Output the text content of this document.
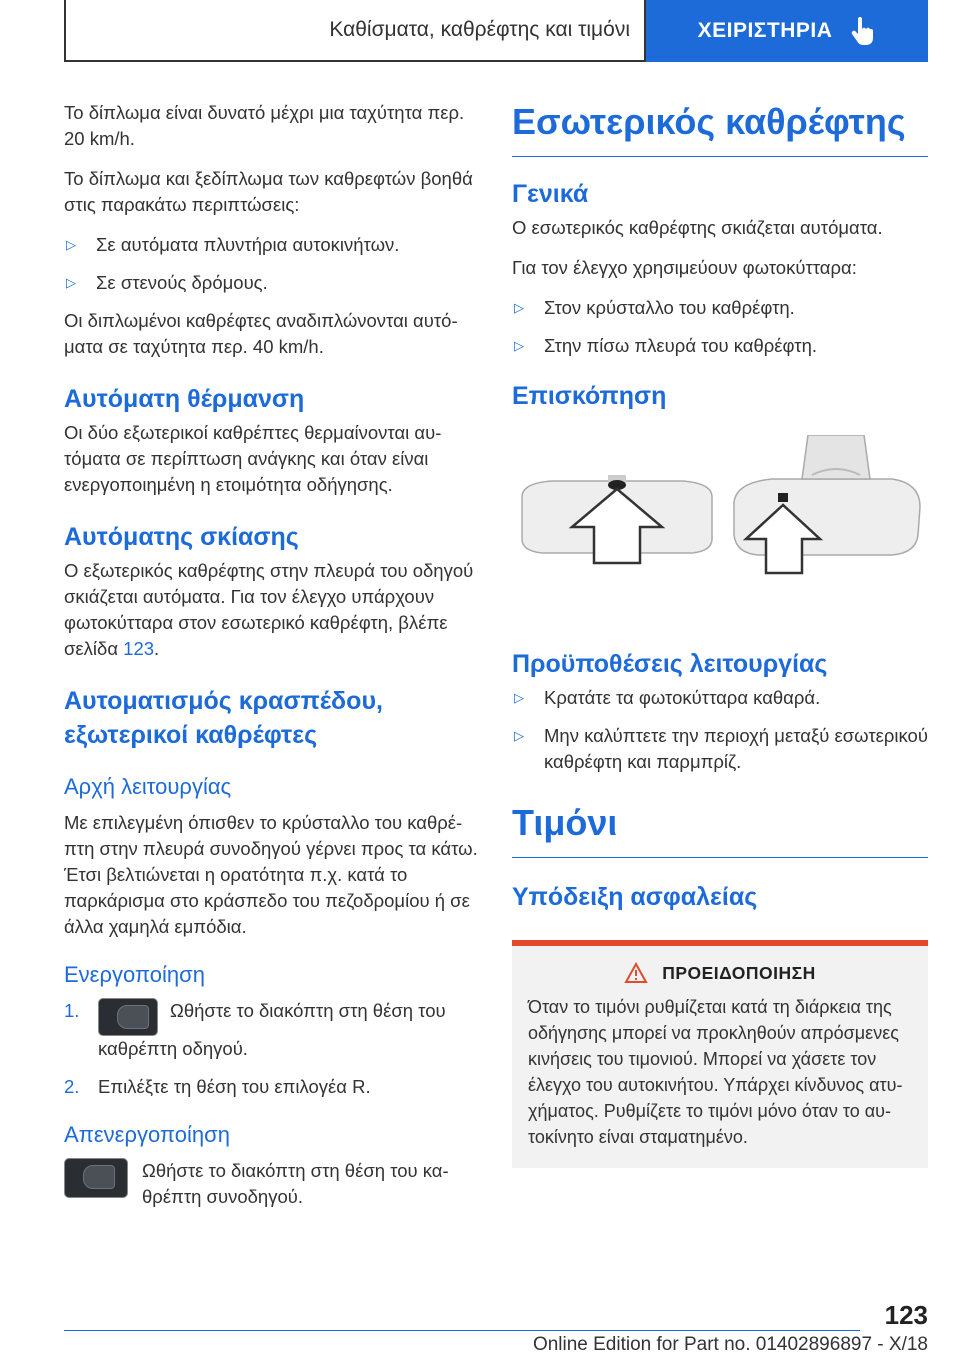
Καθίσματα, καθρέφτης και τιμόνι	ΧΕΙΡΙΣΤΗΡΙΑ

Το δίπλωμα είναι δυνατό μέχρι μια ταχύτητα περ. 20 km/h.

Το δίπλωμα και ξεδίπλωμα των καθρεφτών βοηθά στις παρακάτω περιπτώσεις:

▷	Σε αυτόματα πλυντήρια αυτοκινήτων.
▷	Σε στενούς δρόμους.

Οι διπλωμένοι καθρέφτες αναδιπλώνονται αυτόματα σε ταχύτητα περ. 40 km/h.

Αυτόματη θέρμανση

Οι δύο εξωτερικοί καθρέπτες θερμαίνονται αυτόματα σε περίπτωση ανάγκης και όταν είναι ενεργοποιημένη η ετοιμότητα οδήγησης.

Αυτόματης σκίασης

Ο εξωτερικός καθρέφτης στην πλευρά του οδηγού σκιάζεται αυτόματα. Για τον έλεγχο υπάρχουν φωτοκύτταρα στον εσωτερικό καθρέφτη, βλέπε σελίδα 123.

Αυτοματισμός κρασπέδου, εξωτερικοί καθρέφτες
Αρχή λειτουργίας

Με επιλεγμένη όπισθεν το κρύσταλλο του καθρέπτη στην πλευρά συνοδηγού γέρνει προς τα κάτω. Έτσι βελτιώνεται η ορατότητα π.χ. κατά το παρκάρισμα στο κράσπεδο του πεζοδρομίου ή σε άλλα χαμηλά εμπόδια.

Ενεργοποίηση
1.	Ωθήστε το διακόπτη στη θέση του καθρέπτη οδηγού.
2.	Επιλέξτε τη θέση του επιλογέα R.
Απενεργοποίηση
Ωθήστε το διακόπτη στη θέση του καθρέπτη συνοδηγού.
Εσωτερικός καθρέφτης
Γενικά

Ο εσωτερικός καθρέφτης σκιάζεται αυτόματα.

Για τον έλεγχο χρησιμεύουν φωτοκύτταρα:

▷	Στον κρύσταλλο του καθρέφτη.
▷	Στην πίσω πλευρά του καθρέφτη.
Επισκόπηση
Προϋποθέσεις λειτουργίας
▷	Κρατάτε τα φωτοκύτταρα καθαρά.
▷	Μην καλύπτετε την περιοχή μεταξύ εσωτερικού καθρέφτη και παρμπρίζ.
Τιμόνι
Υπόδειξη ασφαλείας
ΠΡΟΕΙΔΟΠΟΙΗΣΗ

Όταν το τιμόνι ρυθμίζεται κατά τη διάρκεια της οδήγησης μπορεί να προκληθούν απρόσμενες κινήσεις του τιμονιού. Μπορεί να χάσετε τον έλεγχο του αυτοκινήτου. Υπάρχει κίνδυνος ατυχήματος. Ρυθμίζετε το τιμόνι μόνο όταν το αυτοκίνητο είναι σταματημένο.

123
Online Edition for Part no. 01402896897 - X/18
